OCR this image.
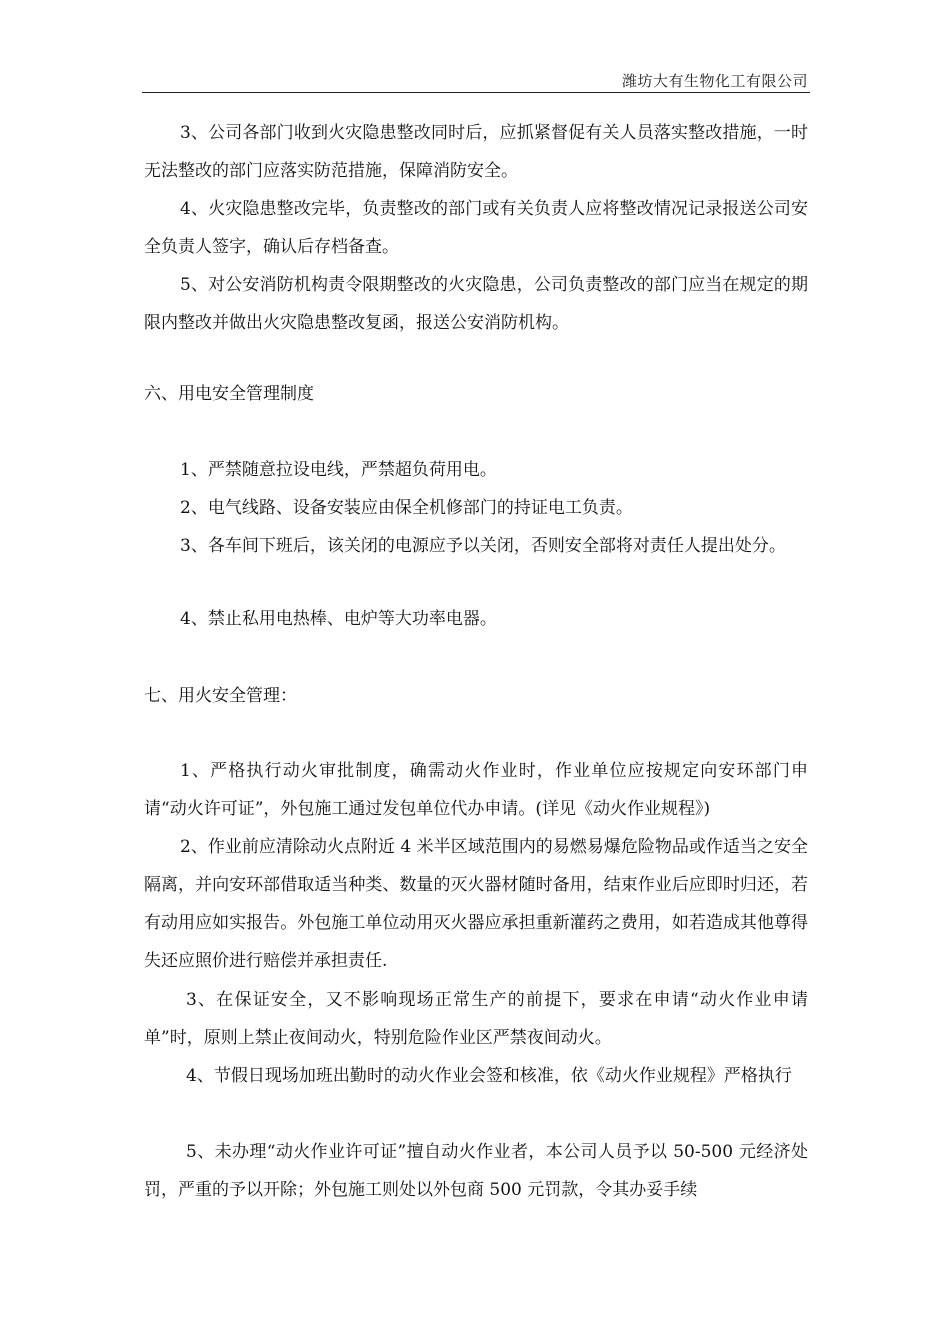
潍坊大有生物化工有限公司

3、公司各部门收到火灾隐患整改同时后，应抓紧督促有关人员落实整改措施，一时无法整改的部门应落实防范措施，保障消防安全。

4、火灾隐患整改完毕，负责整改的部门或有关负责人应将整改情况记录报送公司安全负责人签字，确认后存档备查。

5、对公安消防机构责令限期整改的火灾隐患，公司负责整改的部门应当在规定的期限内整改并做出火灾隐患整改复函，报送公安消防机构。

六、用电安全管理制度

1、严禁随意拉设电线，严禁超负荷用电。

2、电气线路、设备安装应由保全机修部门的持证电工负责。

3、各车间下班后，该关闭的电源应予以关闭，否则安全部将对责任人提出处分。

4、禁止私用电热棒、电炉等大功率电器。

七、用火安全管理：

1、严格执行动火审批制度，确需动火作业时，作业单位应按规定向安环部门申请“动火许可证”，外包施工通过发包单位代办申请。(详见《动火作业规程》)

2、作业前应清除动火点附近 4 米半区域范围内的易燃易爆危险物品或作适当之安全隔离，并向安环部借取适当种类、数量的灭火器材随时备用，结束作业后应即时归还，若有动用应如实报告。外包施工单位动用灭火器应承担重新灌药之费用，如若造成其他尊得失还应照价进行赔偿并承担责任.

3、在保证安全，又不影响现场正常生产的前提下，要求在申请“动火作业申请单”时，原则上禁止夜间动火，特别危险作业区严禁夜间动火。

4、节假日现场加班出勤时的动火作业会签和核准，依《动火作业规程》严格执行

5、未办理“动火作业许可证”擅自动火作业者，本公司人员予以 50-500 元经济处罚，严重的予以开除；外包施工则处以外包商 500 元罚款，令其办妥手续
